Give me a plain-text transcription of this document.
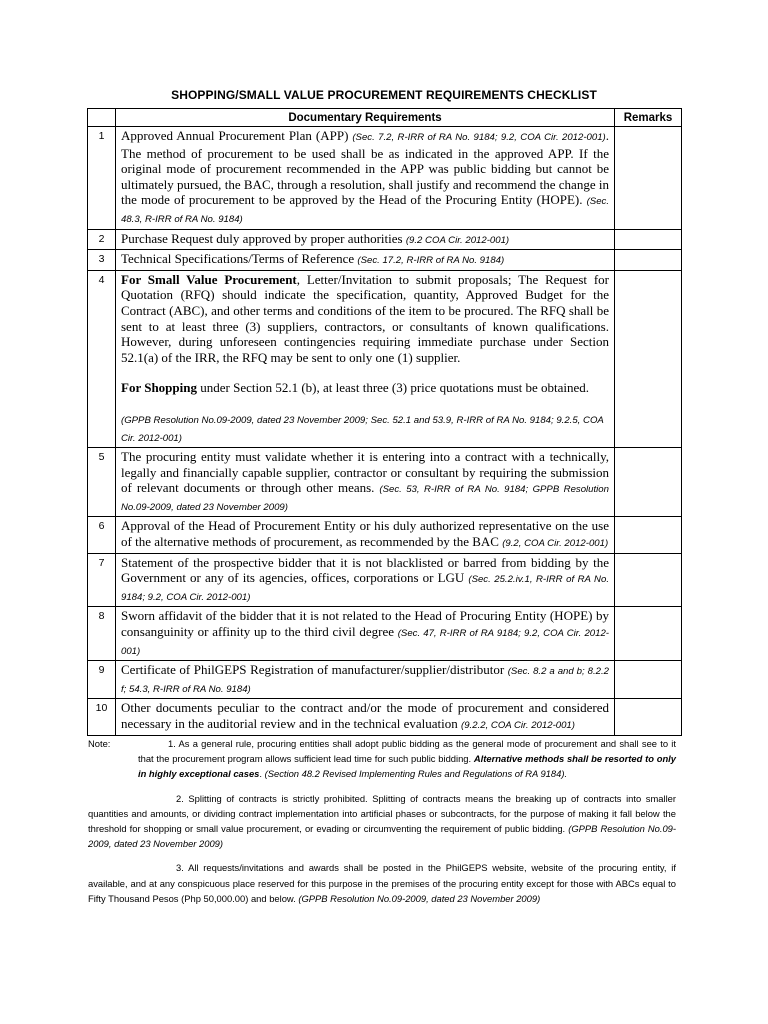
SHOPPING/SMALL VALUE PROCUREMENT REQUIREMENTS CHECKLIST
	Documentary Requirements	Remarks
1	Approved Annual Procurement Plan (APP) (Sec. 7.2, R-IRR of RA No. 9184; 9.2, COA Cir. 2012-001). The method of procurement to be used shall be as indicated in the approved APP. If the original mode of procurement recommended in the APP was public bidding but cannot be ultimately pursued, the BAC, through a resolution, shall justify and recommend the change in the mode of procurement to be approved by the Head of the Procuring Entity (HOPE). (Sec. 48.3, R-IRR of RA No. 9184)	
2	Purchase Request duly approved by proper authorities (9.2 COA Cir. 2012-001)	
3	Technical Specifications/Terms of Reference (Sec. 17.2, R-IRR of RA No. 9184)	
4	For Small Value Procurement, Letter/Invitation to submit proposals; The Request for Quotation (RFQ) should indicate the specification, quantity, Approved Budget for the Contract (ABC), and other terms and conditions of the item to be procured. The RFQ shall be sent to at least three (3) suppliers, contractors, or consultants of known qualifications. However, during unforeseen contingencies requiring immediate purchase under Section 52.1(a) of the IRR, the RFQ may be sent to only one (1) supplier.

For Shopping under Section 52.1 (b), at least three (3) price quotations must be obtained.

(GPPB Resolution No.09-2009, dated 23 November 2009; Sec. 52.1 and 53.9, R-IRR of RA No. 9184; 9.2.5, COA Cir. 2012-001)	

5	The procuring entity must validate whether it is entering into a contract with a technically, legally and financially capable supplier, contractor or consultant by requiring the submission of relevant documents or through other means. (Sec. 53, R-IRR of RA No. 9184; GPPB Resolution No.09-2009, dated 23 November 2009)	
6	Approval of the Head of Procurement Entity or his duly authorized representative on the use of the alternative methods of procurement, as recommended by the BAC (9.2, COA Cir. 2012-001)	
7	Statement of the prospective bidder that it is not blacklisted or barred from bidding by the Government or any of its agencies, offices, corporations or LGU (Sec. 25.2.iv.1, R-IRR of RA No. 9184; 9.2, COA Cir. 2012-001)	
8	Sworn affidavit of the bidder that it is not related to the Head of Procuring Entity (HOPE) by consanguinity or affinity up to the third civil degree (Sec. 47, R-IRR of RA 9184; 9.2, COA Cir. 2012-001)	
9	Certificate of PhilGEPS Registration of manufacturer/supplier/distributor (Sec. 8.2 a and b; 8.2.2 f; 54.3, R-IRR of RA No. 9184)	
10	Other documents peculiar to the contract and/or the mode of procurement and considered necessary in the auditorial review and in the technical evaluation (9.2.2, COA Cir. 2012-001)	
Note:	1. As a general rule, procuring entities shall adopt public bidding as the general mode of procurement and shall see to it that the procurement program allows sufficient lead time for such public bidding. Alternative methods shall be resorted to only in highly exceptional cases. (Section 48.2 Revised Implementing Rules and Regulations of RA 9184).

2. Splitting of contracts is strictly prohibited. Splitting of contracts means the breaking up of contracts into smaller quantities and amounts, or dividing contract implementation into artificial phases or subcontracts, for the purpose of making it fall below the threshold for shopping or small value procurement, or evading or circumventing the requirement of public bidding. (GPPB Resolution No.09-2009, dated 23 November 2009)

3. All requests/invitations and awards shall be posted in the PhilGEPS website, website of the procuring entity, if available, and at any conspicuous place reserved for this purpose in the premises of the procuring entity except for those with ABCs equal to Fifty Thousand Pesos (Php 50,000.00) and below. (GPPB Resolution No.09-2009, dated 23 November 2009)
